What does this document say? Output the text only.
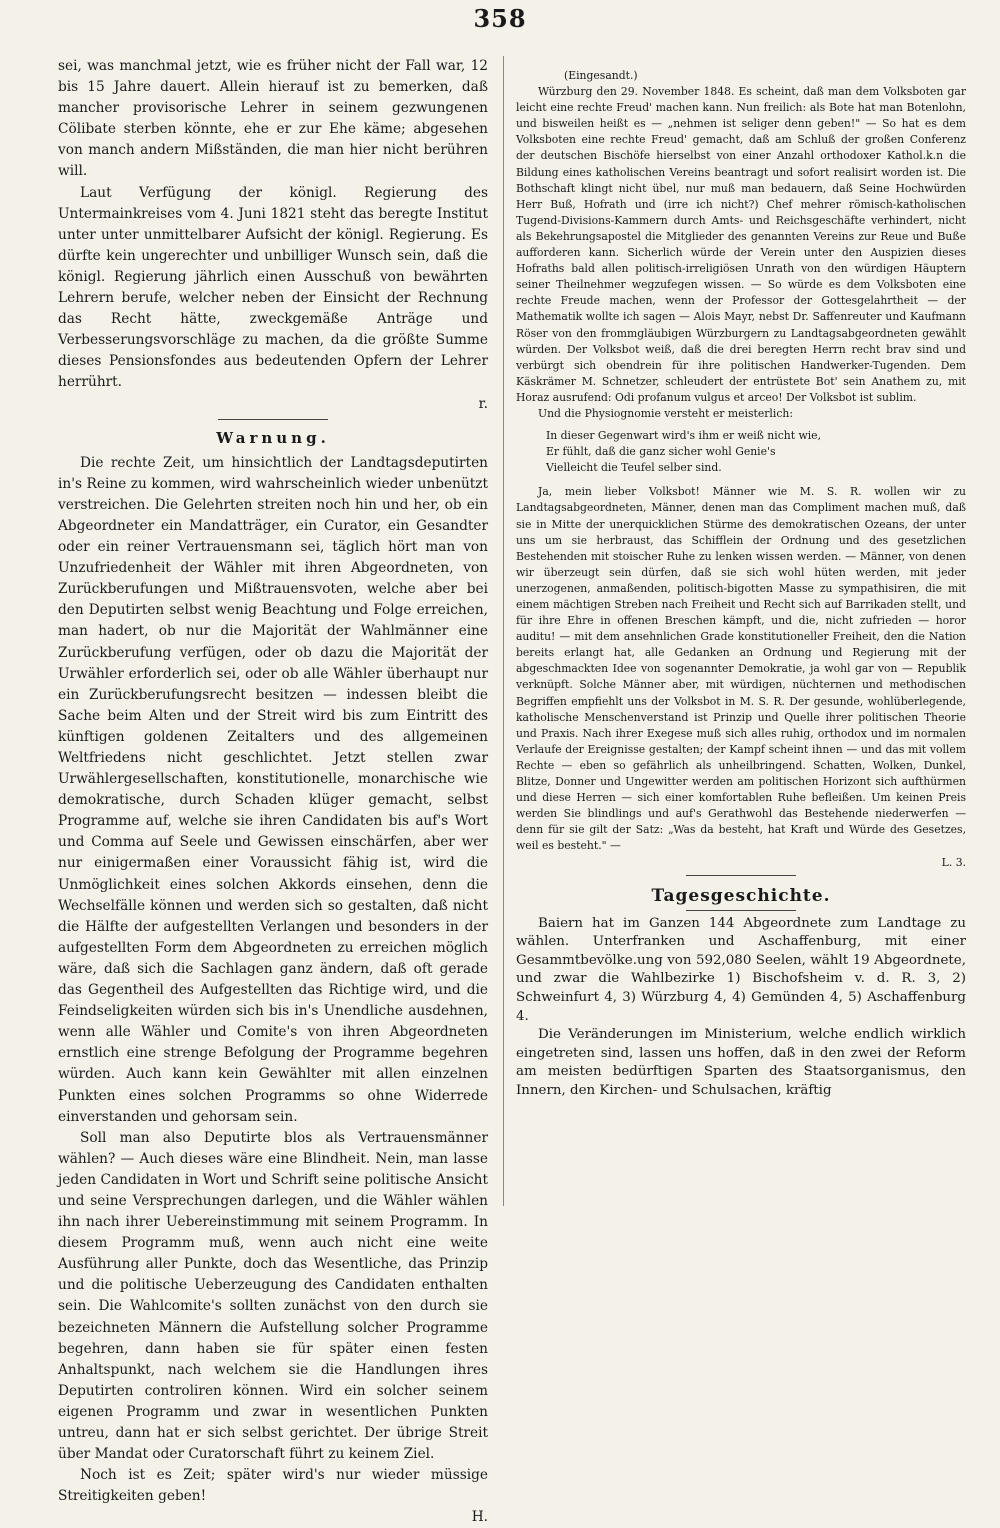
358

sei, was manchmal jetzt, wie es früher nicht der Fall war, 12 bis 15 Jahre dauert. Allein hierauf ist zu bemerken, daß mancher provisorische Lehrer in seinem gezwungenen Cölibate sterben könnte, ehe er zur Ehe käme; abgesehen von manch andern Mißständen, die man hier nicht berühren will.

Laut Verfügung der königl. Regierung des Untermainkreises vom 4. Juni 1821 steht das beregte Institut unter unter unmittelbarer Aufsicht der königl. Regierung. Es dürfte kein ungerechter und unbilliger Wunsch sein, daß die königl. Regierung jährlich einen Ausschuß von bewährten Lehrern berufe, welcher neben der Einsicht der Rechnung das Recht hätte, zweckgemäße Anträge und Verbesserungsvorschläge zu machen, da die größte Summe dieses Pensionsfondes aus bedeutenden Opfern der Lehrer herrührt.

r.

Warnung.

Die rechte Zeit, um hinsichtlich der Landtagsdeputirten in's Reine zu kommen, wird wahrscheinlich wieder unbenützt verstreichen. Die Gelehrten streiten noch hin und her, ob ein Abgeordneter ein Mandatträger, ein Curator, ein Gesandter oder ein reiner Vertrauensmann sei, täglich hört man von Unzufriedenheit der Wähler mit ihren Abgeordneten, von Zurückberufungen und Mißtrauensvoten, welche aber bei den Deputirten selbst wenig Beachtung und Folge erreichen, man hadert, ob nur die Majorität der Wahlmänner eine Zurückberufung verfügen, oder ob dazu die Majorität der Urwähler erforderlich sei, oder ob alle Wähler überhaupt nur ein Zurückberufungsrecht besitzen — indessen bleibt die Sache beim Alten und der Streit wird bis zum Eintritt des künftigen goldenen Zeitalters und des allgemeinen Weltfriedens nicht geschlichtet. Jetzt stellen zwar Urwählergesellschaften, konstitutionelle, monarchische wie demokratische, durch Schaden klüger gemacht, selbst Programme auf, welche sie ihren Candidaten bis auf's Wort und Comma auf Seele und Gewissen einschärfen, aber wer nur einigermaßen einer Voraussicht fähig ist, wird die Unmöglichkeit eines solchen Akkords einsehen, denn die Wechselfälle können und werden sich so gestalten, daß nicht die Hälfte der aufgestellten Verlangen und besonders in der aufgestellten Form dem Abgeordneten zu erreichen möglich wäre, daß sich die Sachlagen ganz ändern, daß oft gerade das Gegentheil des Aufgestellten das Richtige wird, und die Feindseligkeiten würden sich bis in's Unendliche ausdehnen, wenn alle Wähler und Comite's von ihren Abgeordneten ernstlich eine strenge Befolgung der Programme begehren würden. Auch kann kein Gewählter mit allen einzelnen Punkten eines solchen Programms so ohne Widerrede einverstanden und gehorsam sein.

Soll man also Deputirte blos als Vertrauensmänner wählen? — Auch dieses wäre eine Blindheit. Nein, man lasse jeden Candidaten in Wort und Schrift seine politische Ansicht und seine Versprechungen darlegen, und die Wähler wählen ihn nach ihrer Uebereinstimmung mit seinem Programm. In diesem Programm muß, wenn auch nicht eine weite Ausführung aller Punkte, doch das Wesentliche, das Prinzip und die politische Ueberzeugung des Candidaten enthalten sein. Die Wahlcomite's sollten zunächst von den durch sie bezeichneten Männern die Aufstellung solcher Programme begehren, dann haben sie für später einen festen Anhaltspunkt, nach welchem sie die Handlungen ihres Deputirten controliren können. Wird ein solcher seinem eigenen Programm und zwar in wesentlichen Punkten untreu, dann hat er sich selbst gerichtet. Der übrige Streit über Mandat oder Curatorschaft führt zu keinem Ziel.

Noch ist es Zeit; später wird's nur wieder müssige Streitigkeiten geben!

H.

(Eingesandt.)

Würzburg den 29. November 1848. Es scheint, daß man dem Volksboten gar leicht eine rechte Freud' machen kann. Nun freilich: als Bote hat man Botenlohn, und bisweilen heißt es — „nehmen ist seliger denn geben!" — So hat es dem Volksboten eine rechte Freud' gemacht, daß am Schluß der großen Conferenz der deutschen Bischöfe hierselbst von einer Anzahl orthodoxer Kathol.k.n die Bildung eines katholischen Vereins beantragt und sofort realisirt worden ist. Die Bothschaft klingt nicht übel, nur muß man bedauern, daß Seine Hochwürden Herr Buß, Hofrath und (irre ich nicht?) Chef mehrer römisch-katholischen Tugend-Divisions-Kammern durch Amts- und Reichsgeschäfte verhindert, nicht als Bekehrungsapostel die Mitglieder des genannten Vereins zur Reue und Buße aufforderen kann. Sicherlich würde der Verein unter den Auspizien dieses Hofraths bald allen politisch-irreligiösen Unrath von den würdigen Häuptern seiner Theilnehmer wegzufegen wissen. — So würde es dem Volksboten eine rechte Freude machen, wenn der Professor der Gottesgelahrtheit — der Mathematik wollte ich sagen — Alois Mayr, nebst Dr. Saffenreuter und Kaufmann Röser von den frommgläubigen Würzburgern zu Landtagsabgeordneten gewählt würden. Der Volksbot weiß, daß die drei beregten Herrn recht brav sind und verbürgt sich obendrein für ihre politischen Handwerker-Tugenden. Dem Käskrämer M. Schnetzer, schleudert der entrüstete Bot' sein Anathem zu, mit Horaz ausrufend: Odi profanum vulgus et arceo! Der Volksbot ist sublim.

Und die Physiognomie versteht er meisterlich:

In dieser Gegenwart wird's ihm er weiß nicht wie,
Er fühlt, daß die ganz sicher wohl Genie's
Vielleicht die Teufel selber sind.

Ja, mein lieber Volksbot! Männer wie M. S. R. wollen wir zu Landtagsabgeordneten, Männer, denen man das Compliment machen muß, daß sie in Mitte der unerquicklichen Stürme des demokratischen Ozeans, der unter uns um sie herbraust, das Schifflein der Ordnung und des gesetzlichen Bestehenden mit stoischer Ruhe zu lenken wissen werden. — Männer, von denen wir überzeugt sein dürfen, daß sie sich wohl hüten werden, mit jeder unerzogenen, anmaßenden, politisch-bigotten Masse zu sympathisiren, die mit einem mächtigen Streben nach Freiheit und Recht sich auf Barrikaden stellt, und für ihre Ehre in offenen Breschen kämpft, und die, nicht zufrieden — horor auditu! — mit dem ansehnlichen Grade konstitutioneller Freiheit, den die Nation bereits erlangt hat, alle Gedanken an Ordnung und Regierung mit der abgeschmackten Idee von sogenannter Demokratie, ja wohl gar von — Republik verknüpft. Solche Männer aber, mit würdigen, nüchternen und methodischen Begriffen empfiehlt uns der Volksbot in M. S. R. Der gesunde, wohlüberlegende, katholische Menschenverstand ist Prinzip und Quelle ihrer politischen Theorie und Praxis. Nach ihrer Exegese muß sich alles ruhig, orthodox und im normalen Verlaufe der Ereignisse gestalten; der Kampf scheint ihnen — und das mit vollem Rechte — eben so gefährlich als unheilbringend. Schatten, Wolken, Dunkel, Blitze, Donner und Ungewitter werden am politischen Horizont sich aufthürmen und diese Herren — sich einer komfortablen Ruhe befleißen. Um keinen Preis werden Sie blindlings und auf's Gerathwohl das Bestehende niederwerfen — denn für sie gilt der Satz: „Was da besteht, hat Kraft und Würde des Gesetzes, weil es besteht." —

L. 3.

Tagesgeschichte.

Baiern hat im Ganzen 144 Abgeordnete zum Landtage zu wählen. Unterfranken und Aschaffenburg, mit einer Gesammtbevölke.ung von 592,080 Seelen, wählt 19 Abgeordnete, und zwar die Wahlbezirke 1) Bischofsheim v. d. R. 3, 2) Schweinfurt 4, 3) Würzburg 4, 4) Gemünden 4, 5) Aschaffenburg 4.

Die Veränderungen im Ministerium, welche endlich wirklich eingetreten sind, lassen uns hoffen, daß in den zwei der Reform am meisten bedürftigen Sparten des Staatsorganismus, den Innern, den Kirchen- und Schulsachen, kräftig
